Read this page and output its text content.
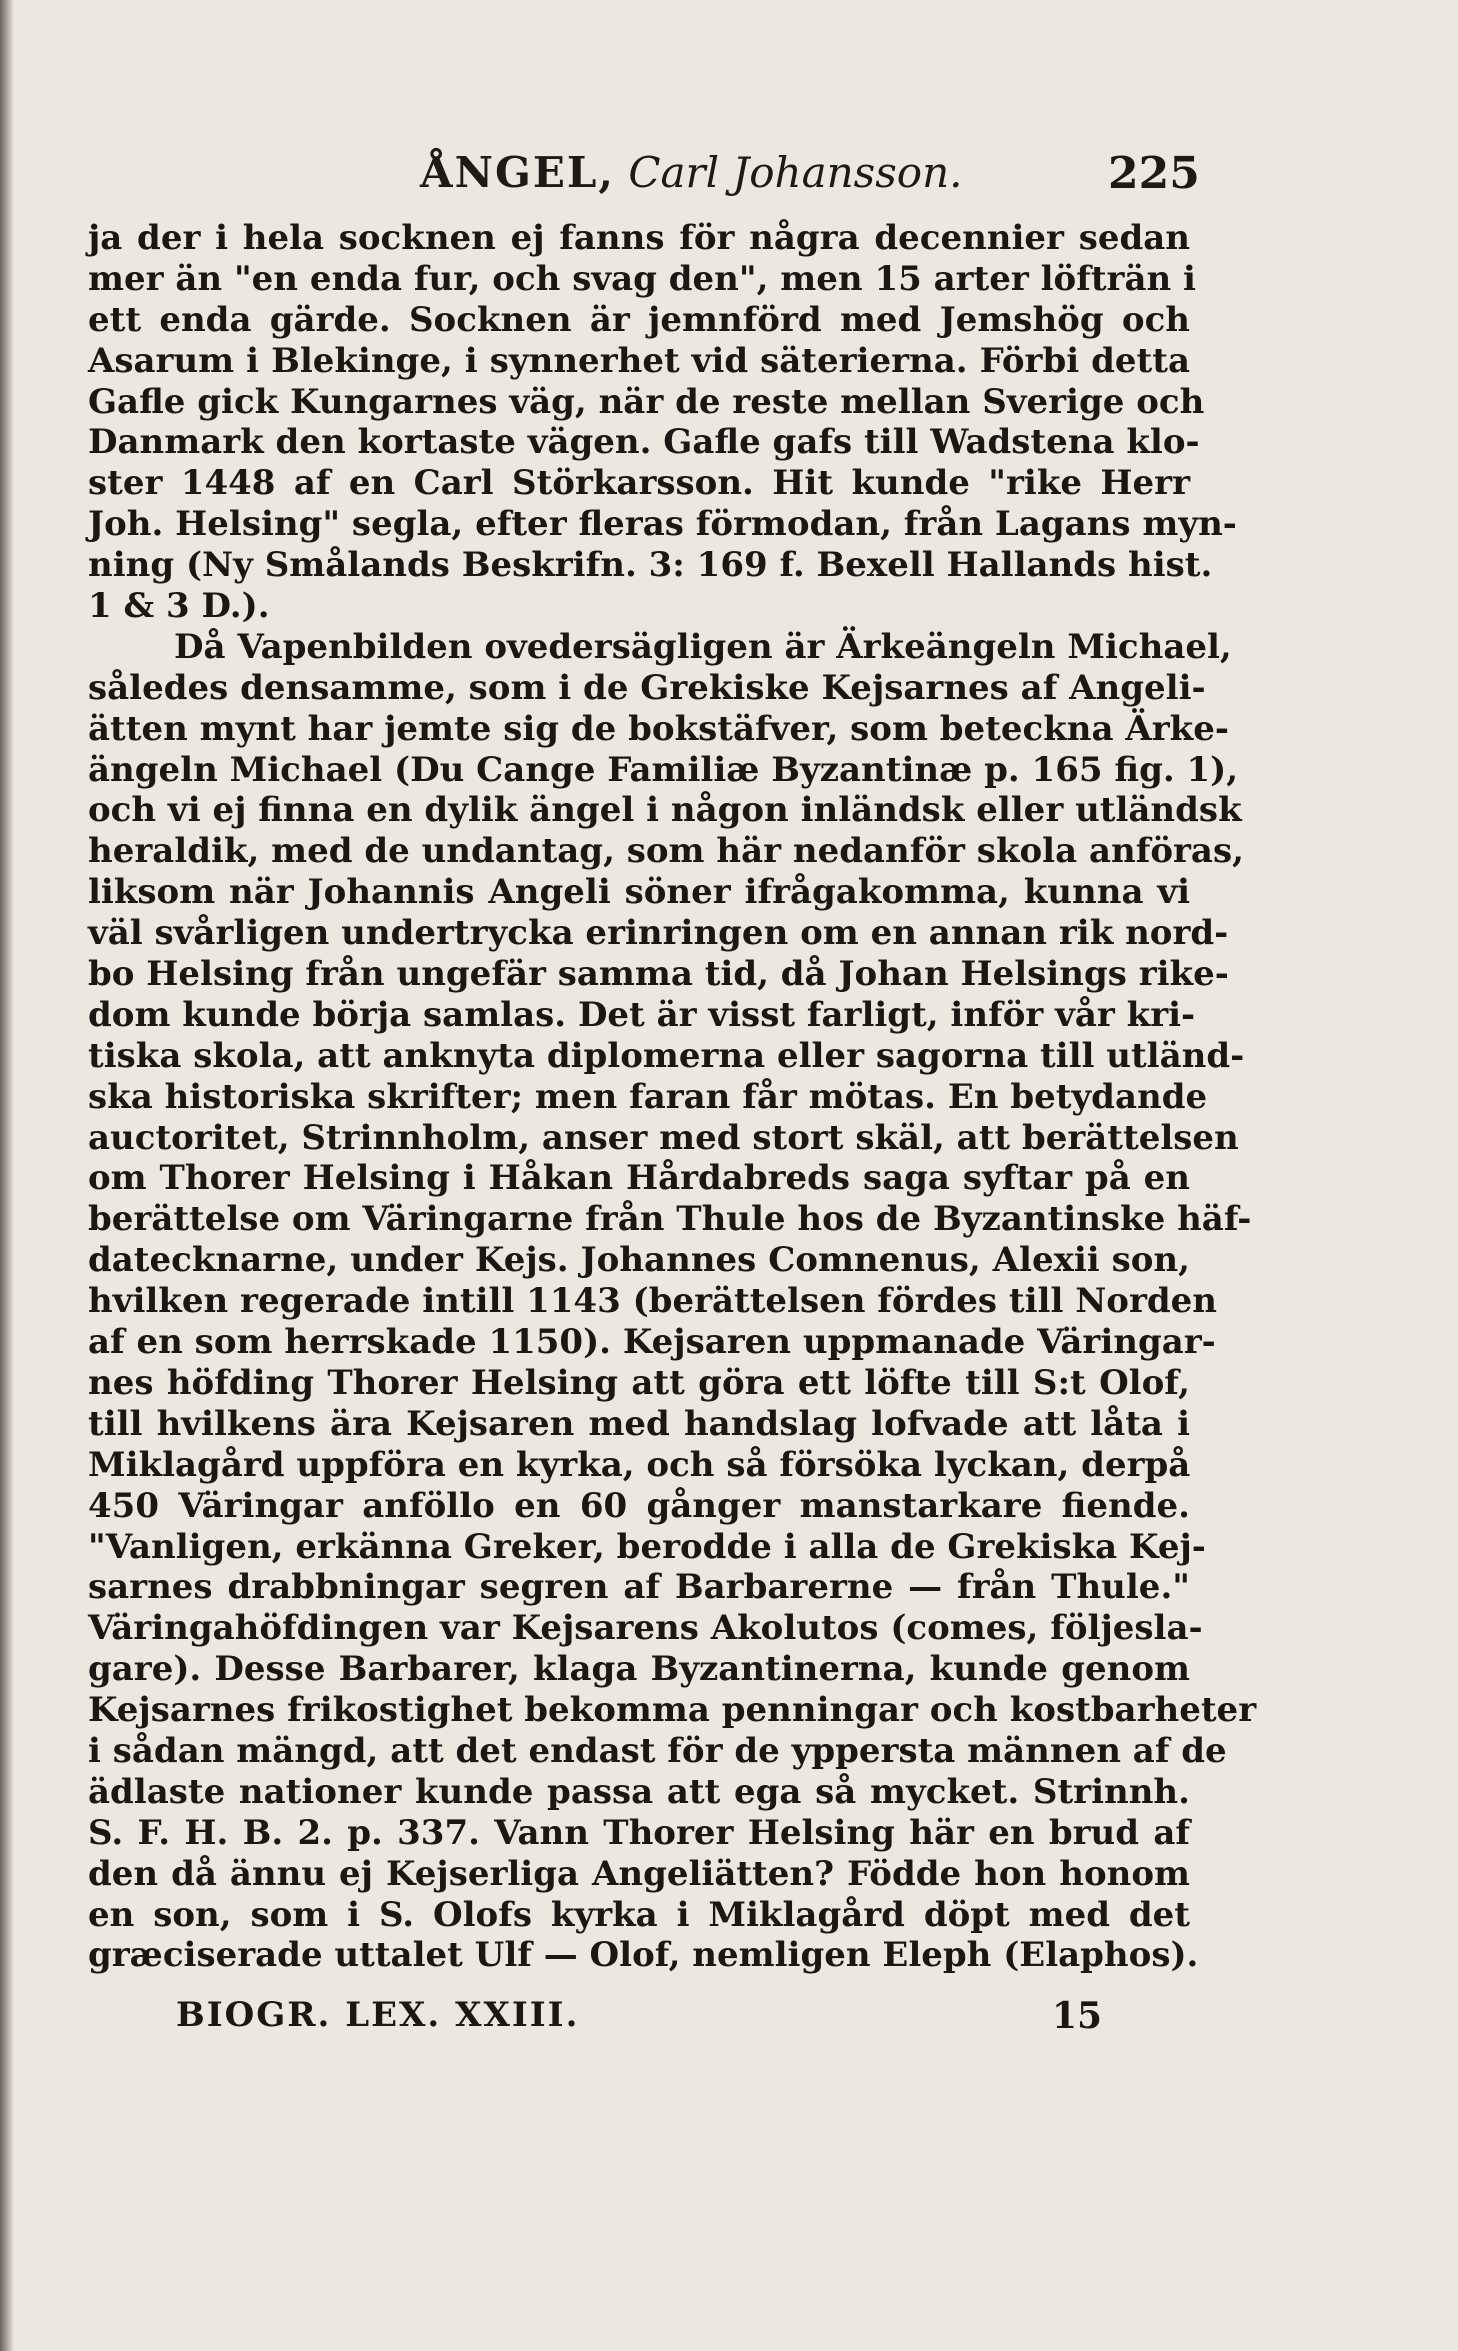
ÅNGEL, Carl Johansson.	225
ja der i hela socknen ej fanns för några decennier sedan
mer än "en enda fur, och svag den", men 15 arter löfträn i
ett enda gärde. Socknen är jemnförd med Jemshög och
Asarum i Blekinge, i synnerhet vid säterierna. Förbi detta
Gafle gick Kungarnes väg, när de reste mellan Sverige och
Danmark den kortaste vägen. Gafle gafs till Wadstena klo-
ster 1448 af en Carl Störkarsson. Hit kunde "rike Herr
Joh. Helsing" segla, efter fleras förmodan, från Lagans myn-
ning (Ny Smålands Beskrifn. 3: 169 f. Bexell Hallands hist.
1 & 3 D.).
Då Vapenbilden ovedersägligen är Ärkeängeln Michael,
således densamme, som i de Grekiske Kejsarnes af Angeli-
ätten mynt har jemte sig de bokstäfver, som beteckna Ärke-
ängeln Michael (Du Cange Familiæ Byzantinæ p. 165 fig. 1),
och vi ej finna en dylik ängel i någon inländsk eller utländsk
heraldik, med de undantag, som här nedanför skola anföras,
liksom när Johannis Angeli söner ifrågakomma, kunna vi
väl svårligen undertrycka erinringen om en annan rik nord-
bo Helsing från ungefär samma tid, då Johan Helsings rike-
dom kunde börja samlas. Det är visst farligt, inför vår kri-
tiska skola, att anknyta diplomerna eller sagorna till utländ-
ska historiska skrifter; men faran får mötas. En betydande
auctoritet, Strinnholm, anser med stort skäl, att berättelsen
om Thorer Helsing i Håkan Hårdabreds saga syftar på en
berättelse om Väringarne från Thule hos de Byzantinske häf-
datecknarne, under Kejs. Johannes Comnenus, Alexii son,
hvilken regerade intill 1143 (berättelsen fördes till Norden
af en som herrskade 1150). Kejsaren uppmanade Väringar-
nes höfding Thorer Helsing att göra ett löfte till S:t Olof,
till hvilkens ära Kejsaren med handslag lofvade att låta i
Miklagård uppföra en kyrka, och så försöka lyckan, derpå
450 Väringar anföllo en 60 gånger manstarkare fiende.
"Vanligen, erkänna Greker, berodde i alla de Grekiska Kej-
sarnes drabbningar segren af Barbarerne — från Thule."
Väringahöfdingen var Kejsarens Akolutos (comes, följesla-
gare). Desse Barbarer, klaga Byzantinerna, kunde genom
Kejsarnes frikostighet bekomma penningar och kostbarheter
i sådan mängd, att det endast för de yppersta männen af de
ädlaste nationer kunde passa att ega så mycket. Strinnh.
S. F. H. B. 2. p. 337. Vann Thorer Helsing här en brud af
den då ännu ej Kejserliga Angeliätten? Födde hon honom
en son, som i S. Olofs kyrka i Miklagård döpt med det
græciserade uttalet Ulf — Olof, nemligen Eleph (Elaphos).
BIOGR. LEX. XXIII.	15
